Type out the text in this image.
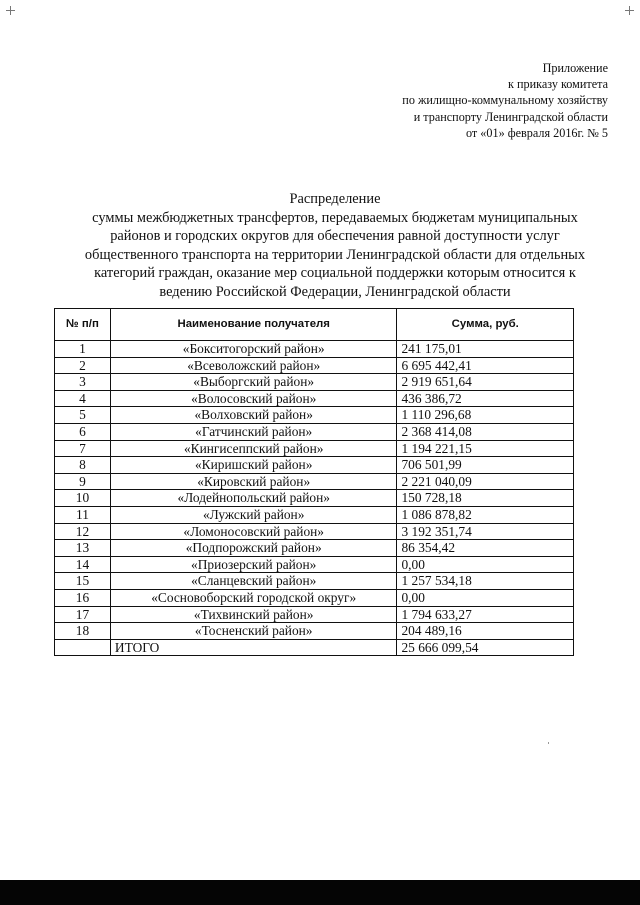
Приложение
к приказу комитета
по жилищно-коммунальному хозяйству
и транспорту Ленинградской области
от «01» февраля 2016г. № 5
Распределение
суммы межбюджетных трансфертов, передаваемых бюджетам муниципальных
районов и городских округов для обеспечения равной доступности услуг
общественного транспорта на территории Ленинградской области для отдельных
категорий граждан, оказание мер социальной поддержки которым относится к
ведению Российской Федерации, Ленинградской области
№ п/п	Наименование получателя	Сумма, руб.
1	«Бокситогорский район»	241 175,01
2	«Всеволожский район»	6 695 442,41
3	«Выборгский район»	2 919 651,64
4	«Волосовский район»	436 386,72
5	«Волховский район»	1 110 296,68
6	«Гатчинский район»	2 368 414,08
7	«Кингисеппский район»	1 194 221,15
8	«Киришский район»	706 501,99
9	«Кировский район»	2 221 040,09
10	«Лодейнопольский район»	150 728,18
11	«Лужский район»	1 086 878,82
12	«Ломоносовский район»	3 192 351,74
13	«Подпорожский район»	86 354,42
14	«Приозерский район»	0,00
15	«Сланцевский район»	1 257 534,18
16	«Сосновоборский городской округ»	0,00
17	«Тихвинский район»	1 794 633,27
18	«Тосненский район»	204 489,16
	ИТОГО	25 666 099,54
